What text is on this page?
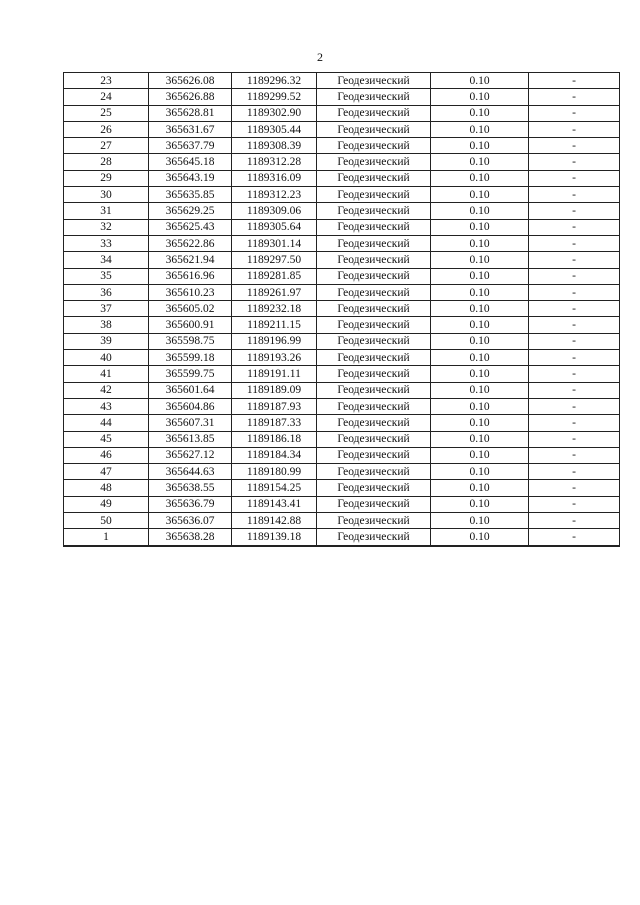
2
23	365626.08	1189296.32	Геодезический	0.10	-
24	365626.88	1189299.52	Геодезический	0.10	-
25	365628.81	1189302.90	Геодезический	0.10	-
26	365631.67	1189305.44	Геодезический	0.10	-
27	365637.79	1189308.39	Геодезический	0.10	-
28	365645.18	1189312.28	Геодезический	0.10	-
29	365643.19	1189316.09	Геодезический	0.10	-
30	365635.85	1189312.23	Геодезический	0.10	-
31	365629.25	1189309.06	Геодезический	0.10	-
32	365625.43	1189305.64	Геодезический	0.10	-
33	365622.86	1189301.14	Геодезический	0.10	-
34	365621.94	1189297.50	Геодезический	0.10	-
35	365616.96	1189281.85	Геодезический	0.10	-
36	365610.23	1189261.97	Геодезический	0.10	-
37	365605.02	1189232.18	Геодезический	0.10	-
38	365600.91	1189211.15	Геодезический	0.10	-
39	365598.75	1189196.99	Геодезический	0.10	-
40	365599.18	1189193.26	Геодезический	0.10	-
41	365599.75	1189191.11	Геодезический	0.10	-
42	365601.64	1189189.09	Геодезический	0.10	-
43	365604.86	1189187.93	Геодезический	0.10	-
44	365607.31	1189187.33	Геодезический	0.10	-
45	365613.85	1189186.18	Геодезический	0.10	-
46	365627.12	1189184.34	Геодезический	0.10	-
47	365644.63	1189180.99	Геодезический	0.10	-
48	365638.55	1189154.25	Геодезический	0.10	-
49	365636.79	1189143.41	Геодезический	0.10	-
50	365636.07	1189142.88	Геодезический	0.10	-
1	365638.28	1189139.18	Геодезический	0.10	-
